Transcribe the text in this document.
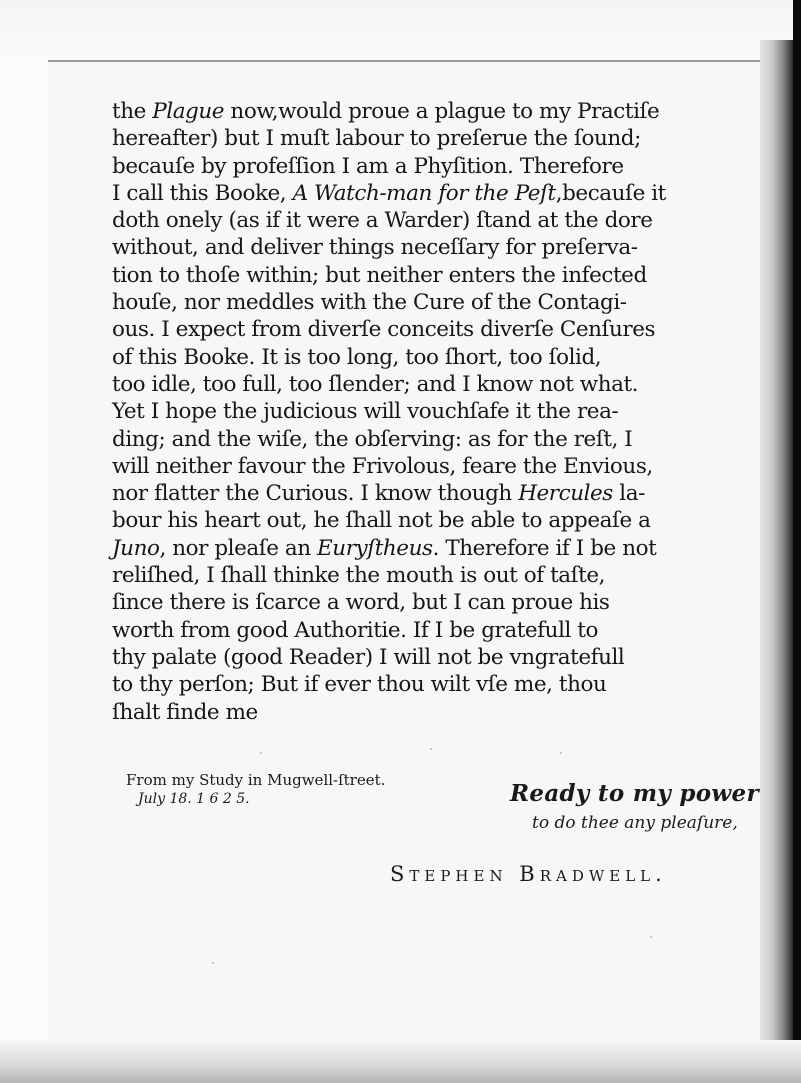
the Plague now,would proue a plague to my Practiſe
hereafter) but I muſt labour to preſerue the ſound;
becauſe by profeſſion I am a Phyſition. Therefore
I call this Booke, A Watch-man for the Peſt,becauſe it
doth onely (as if it were a Warder) ſtand at the dore
without, and deliver things neceſſary for preſerva-
tion to thoſe within; but neither enters the infected
houſe, nor meddles with the Cure of the Contagi-
ous. I expect from diverſe conceits diverſe Cenſures
of this Booke. It is too long, too ſhort, too ſolid,
too idle, too full, too ſlender; and I know not what.
Yet I hope the judicious will vouchſafe it the rea-
ding; and the wiſe, the obſerving: as for the reſt, I
will neither favour the Frivolous, feare the Envious,
nor flatter the Curious. I know though Hercules la-
bour his heart out, he ſhall not be able to appeaſe a
Juno, nor pleaſe an Euryſtheus. Therefore if I be not
reliſhed, I ſhall thinke the mouth is out of taſte,
ſince there is ſcarce a word, but I can proue his
worth from good Authoritie. If I be gratefull to
thy palate (good Reader) I will not be vngratefull
to thy perſon; But if ever thou wilt vſe me, thou
ſhalt finde me

From my Study in Mugwell-ſtreet.
July 18. 1 6 2 5.	Ready to my power
to do thee any pleaſure,
Stephen Bradwell.
